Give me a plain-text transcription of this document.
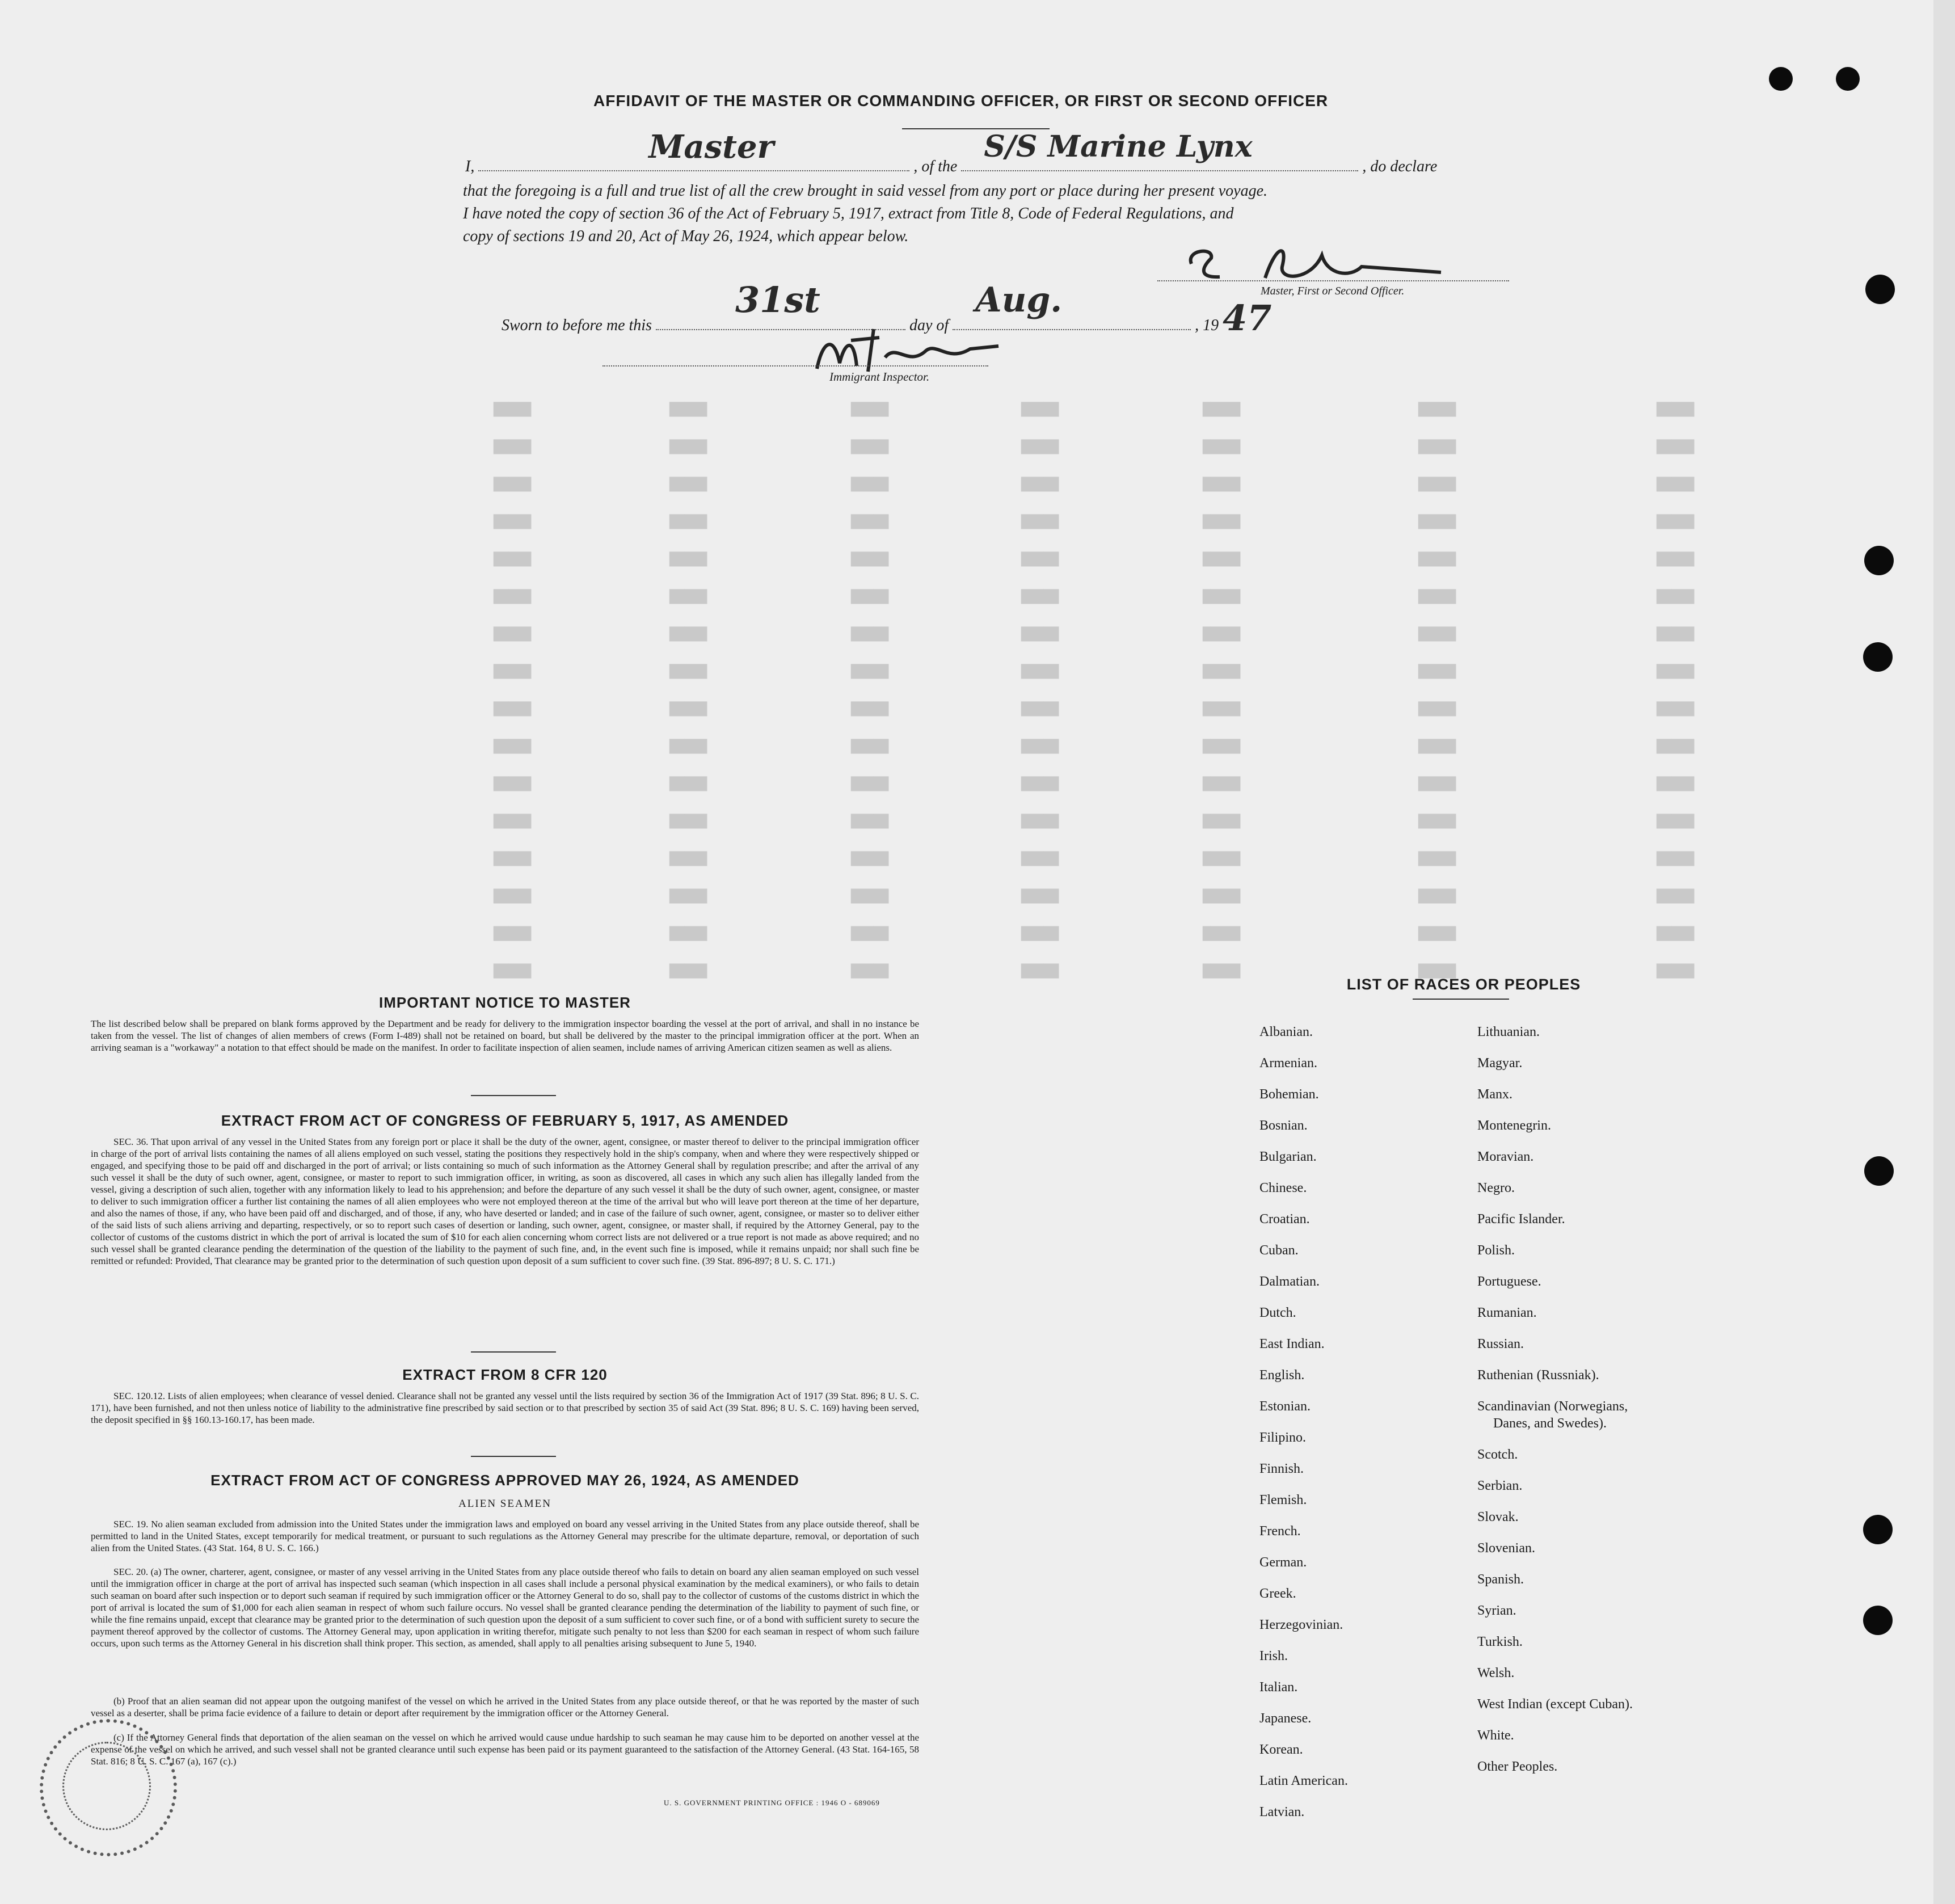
█████	█████	█████	█████	█████	█████	█████
█████	█████	█████	█████	█████	█████	█████
█████	█████	█████	█████	█████	█████	█████
█████	█████	█████	█████	█████	█████	█████
█████	█████	█████	█████	█████	█████	█████
█████	█████	█████	█████	█████	█████	█████
█████	█████	█████	█████	█████	█████	█████
█████	█████	█████	█████	█████	█████	█████
█████	█████	█████	█████	█████	█████	█████
█████	█████	█████	█████	█████	█████	█████
█████	█████	█████	█████	█████	█████	█████
█████	█████	█████	█████	█████	█████	█████
█████	█████	█████	█████	█████	█████	█████
█████	█████	█████	█████	█████	█████	█████
█████	█████	█████	█████	█████	█████	█████
█████	█████	█████	█████	█████	█████	█████
AFFIDAVIT OF THE MASTER OR COMMANDING OFFICER, OR FIRST OR SECOND OFFICER
I,
Master
, of the
S/S Marine Lynx
, do declare
that the foregoing is a full and true list of all the crew brought in said vessel from any port or place during her present voyage.
I have noted the copy of section 36 of the Act of February 5, 1917, extract from Title 8, Code of Federal Regulations, and
copy of sections 19 and 20, Act of May 26, 1924, which appear below.
Master, First or Second Officer.
Sworn to before me this
31st
day of
Aug.
, 19 47
Immigrant Inspector.
IMPORTANT NOTICE TO MASTER
The list described below shall be prepared on blank forms approved by the Department and be ready for delivery to the immigration inspector boarding the vessel at the port of arrival, and shall in no instance be taken from the vessel. The list of changes of alien members of crews (Form I-489) shall not be retained on board, but shall be delivered by the master to the principal immigration officer at the port. When an arriving seaman is a "workaway" a notation to that effect should be made on the manifest. In order to facilitate inspection of alien seamen, include names of arriving American citizen seamen as well as aliens.
EXTRACT FROM ACT OF CONGRESS OF FEBRUARY 5, 1917, AS AMENDED
SEC. 36. That upon arrival of any vessel in the United States from any foreign port or place it shall be the duty of the owner, agent, consignee, or master thereof to deliver to the principal immigration officer in charge of the port of arrival lists containing the names of all aliens employed on such vessel, stating the positions they respectively hold in the ship's company, when and where they were respectively shipped or engaged, and specifying those to be paid off and discharged in the port of arrival; or lists containing so much of such information as the Attorney General shall by regulation prescribe; and after the arrival of any such vessel it shall be the duty of such owner, agent, consignee, or master to report to such immigration officer, in writing, as soon as discovered, all cases in which any such alien has illegally landed from the vessel, giving a description of such alien, together with any information likely to lead to his apprehension; and before the departure of any such vessel it shall be the duty of such owner, agent, consignee, or master to deliver to such immigration officer a further list containing the names of all alien employees who were not employed thereon at the time of the arrival but who will leave port thereon at the time of her departure, and also the names of those, if any, who have been paid off and discharged, and of those, if any, who have deserted or landed; and in case of the failure of such owner, agent, consignee, or master so to deliver either of the said lists of such aliens arriving and departing, respectively, or so to report such cases of desertion or landing, such owner, agent, consignee, or master shall, if required by the Attorney General, pay to the collector of customs of the customs district in which the port of arrival is located the sum of $10 for each alien concerning whom correct lists are not delivered or a true report is not made as above required; and no such vessel shall be granted clearance pending the determination of the question of the liability to the payment of such fine, and, in the event such fine is imposed, while it remains unpaid; nor shall such fine be remitted or refunded: Provided, That clearance may be granted prior to the determination of such question upon deposit of a sum sufficient to cover such fine. (39 Stat. 896-897; 8 U. S. C. 171.)
EXTRACT FROM 8 CFR 120
SEC. 120.12. Lists of alien employees; when clearance of vessel denied. Clearance shall not be granted any vessel until the lists required by section 36 of the Immigration Act of 1917 (39 Stat. 896; 8 U. S. C. 171), have been furnished, and not then unless notice of liability to the administrative fine prescribed by said section or to that prescribed by section 35 of said Act (39 Stat. 896; 8 U. S. C. 169) having been served, the deposit specified in §§ 160.13-160.17, has been made.
EXTRACT FROM ACT OF CONGRESS APPROVED MAY 26, 1924, AS AMENDED
ALIEN SEAMEN
SEC. 19. No alien seaman excluded from admission into the United States under the immigration laws and employed on board any vessel arriving in the United States from any place outside thereof, shall be permitted to land in the United States, except temporarily for medical treatment, or pursuant to such regulations as the Attorney General may prescribe for the ultimate departure, removal, or deportation of such alien from the United States. (43 Stat. 164, 8 U. S. C. 166.)
SEC. 20. (a) The owner, charterer, agent, consignee, or master of any vessel arriving in the United States from any place outside thereof who fails to detain on board any alien seaman employed on such vessel until the immigration officer in charge at the port of arrival has inspected such seaman (which inspection in all cases shall include a personal physical examination by the medical examiners), or who fails to detain such seaman on board after such inspection or to deport such seaman if required by such immigration officer or the Attorney General to do so, shall pay to the collector of customs of the customs district in which the port of arrival is located the sum of $1,000 for each alien seaman in respect of whom such failure occurs. No vessel shall be granted clearance pending the determination of the liability to payment of such fine, or while the fine remains unpaid, except that clearance may be granted prior to the determination of such question upon the deposit of a sum sufficient to cover such fine, or of a bond with sufficient surety to secure the payment thereof approved by the collector of customs. The Attorney General may, upon application in writing therefor, mitigate such penalty to not less than $200 for each seaman in respect of whom such failure occurs, upon such terms as the Attorney General in his discretion shall think proper. This section, as amended, shall apply to all penalties arising subsequent to June 5, 1940.
(b) Proof that an alien seaman did not appear upon the outgoing manifest of the vessel on which he arrived in the United States from any place outside thereof, or that he was reported by the master of such vessel as a deserter, shall be prima facie evidence of a failure to detain or deport after requirement by the immigration officer or the Attorney General.
(c) If the Attorney General finds that deportation of the alien seaman on the vessel on which he arrived would cause undue hardship to such seaman he may cause him to be deported on another vessel at the expense of the vessel on which he arrived, and such vessel shall not be granted clearance until such expense has been paid or its payment guaranteed to the satisfaction of the Attorney General. (43 Stat. 164-165, 58 Stat. 816; 8 U. S. C. 167 (a), 167 (c).)
U. S. GOVERNMENT PRINTING OFFICE : 1946 O - 689069
LIST OF RACES OR PEOPLES
Albanian.
Armenian.
Bohemian.
Bosnian.
Bulgarian.
Chinese.
Croatian.
Cuban.
Dalmatian.
Dutch.
East Indian.
English.
Estonian.
Filipino.
Finnish.
Flemish.
French.
German.
Greek.
Herzegovinian.
Irish.
Italian.
Japanese.
Korean.
Latin American.
Latvian.
Lithuanian.
Magyar.
Manx.
Montenegrin.
Moravian.
Negro.
Pacific Islander.
Polish.
Portuguese.
Rumanian.
Russian.
Ruthenian (Russniak).
Scandinavian (Norwegians,
Danes, and Swedes).
Scotch.
Serbian.
Slovak.
Slovenian.
Spanish.
Syrian.
Turkish.
Welsh.
West Indian (except Cuban).
White.
Other Peoples.
